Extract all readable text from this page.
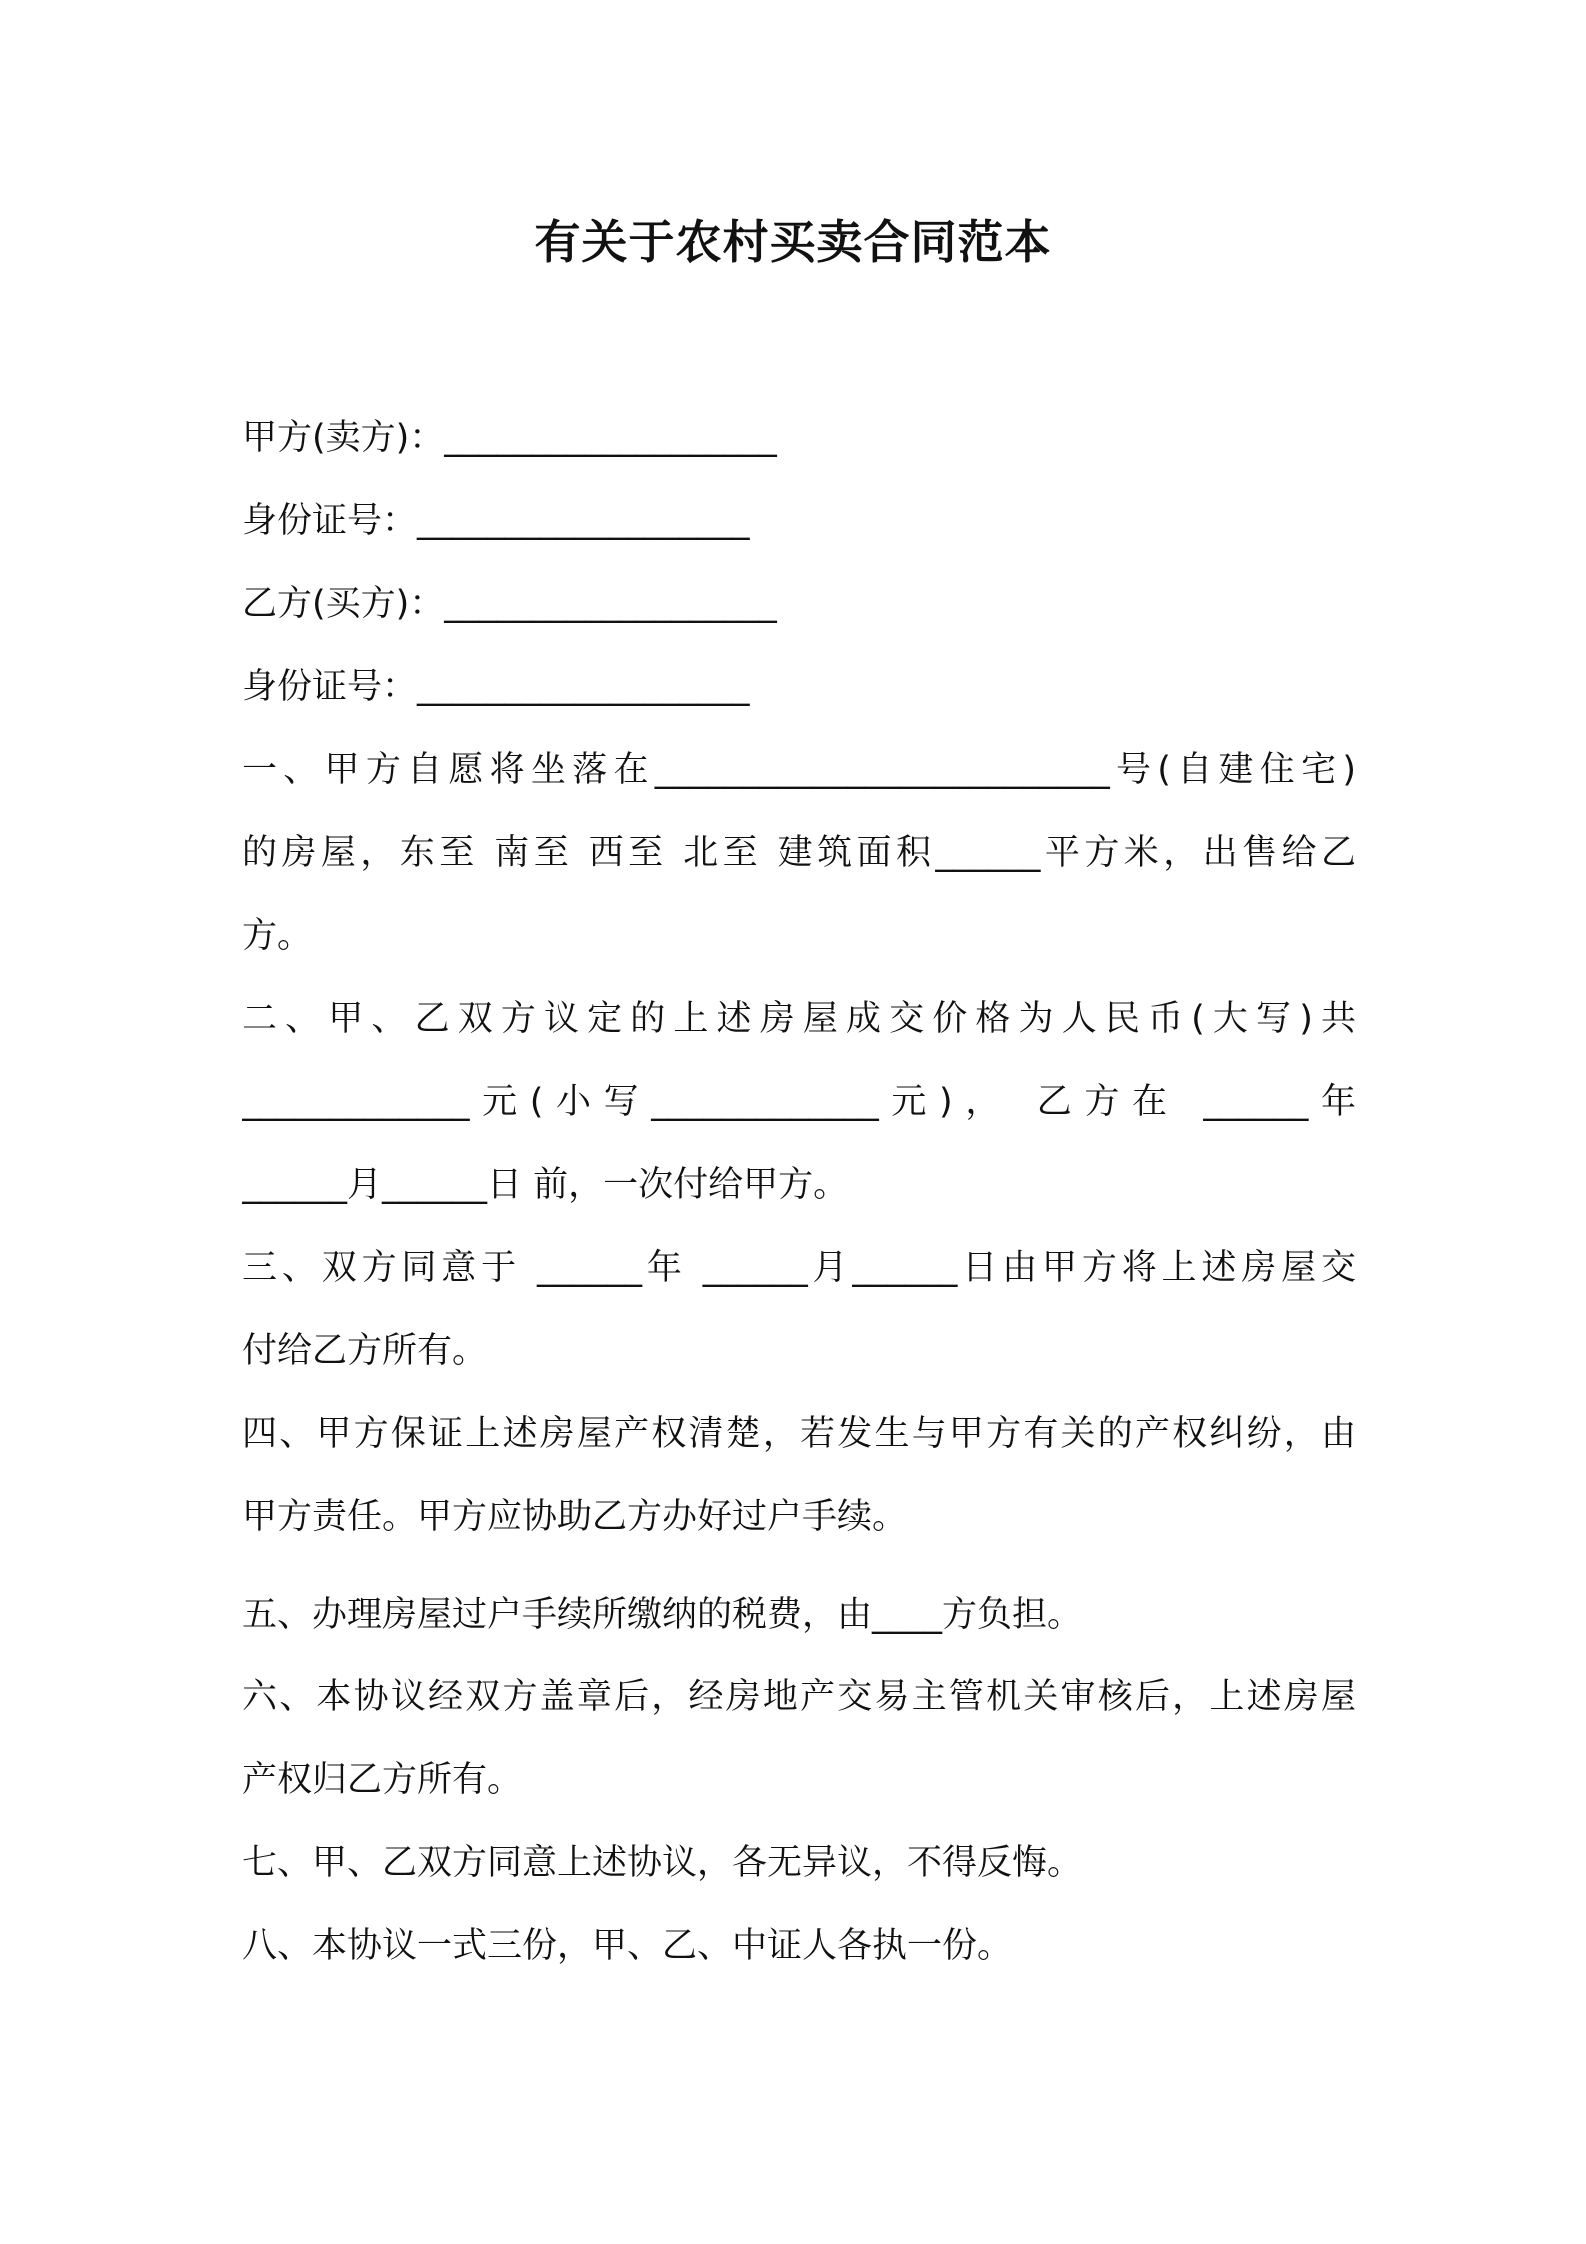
有关于农村买卖合同范本
甲方(卖方)：___________________
身份证号：___________________
乙方(买方)：___________________
身份证号：___________________
一、甲方自愿将坐落在__________________________号(自建住宅)
的房屋，东至 南至 西至 北至 建筑面积______平方米，出售给乙
方。
二、甲、乙双方议定的上述房屋成交价格为人民币(大写)共
_____________元(小写_____________元)， 乙方在 ______年
______月______日 前，一次付给甲方。
三、双方同意于 ______年 ______月______日由甲方将上述房屋交
付给乙方所有。
四、甲方保证上述房屋产权清楚，若发生与甲方有关的产权纠纷，由
甲方责任。甲方应协助乙方办好过户手续。
五、办理房屋过户手续所缴纳的税费，由____方负担。
六、本协议经双方盖章后，经房地产交易主管机关审核后，上述房屋
产权归乙方所有。
七、甲、乙双方同意上述协议，各无异议，不得反悔。
八、本协议一式三份，甲、乙、中证人各执一份。
